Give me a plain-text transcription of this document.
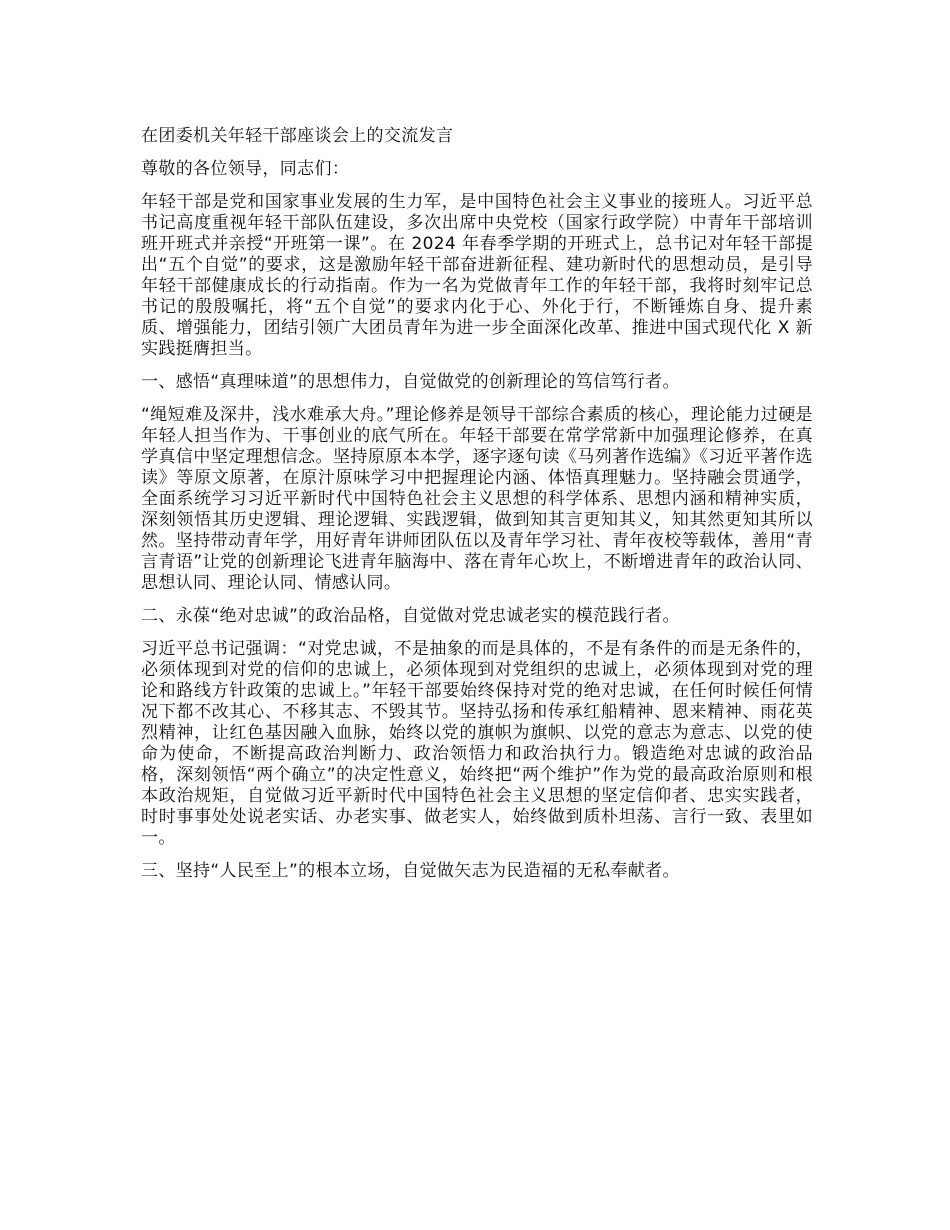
在团委机关年轻干部座谈会上的交流发言

尊敬的各位领导，同志们：

年轻干部是党和国家事业发展的生力军，是中国特色社会主义事业的接班人。习近平总书记高度重视年轻干部队伍建设，多次出席中央党校（国家行政学院）中青年干部培训班开班式并亲授“开班第一课”。在 2024 年春季学期的开班式上，总书记对年轻干部提出“五个自觉”的要求，这是激励年轻干部奋进新征程、建功新时代的思想动员，是引导年轻干部健康成长的行动指南。作为一名为党做青年工作的年轻干部，我将时刻牢记总书记的殷殷嘱托，将“五个自觉”的要求内化于心、外化于行，不断锤炼自身、提升素质、增强能力，团结引领广大团员青年为进一步全面深化改革、推进中国式现代化 X 新实践挺膺担当。

一、感悟“真理味道”的思想伟力，自觉做党的创新理论的笃信笃行者。

“绳短难及深井，浅水难承大舟。”理论修养是领导干部综合素质的核心，理论能力过硬是年轻人担当作为、干事创业的底气所在。年轻干部要在常学常新中加强理论修养，在真学真信中坚定理想信念。坚持原原本本学，逐字逐句读《马列著作选编》《习近平著作选读》等原文原著，在原汁原味学习中把握理论内涵、体悟真理魅力。坚持融会贯通学，全面系统学习习近平新时代中国特色社会主义思想的科学体系、思想内涵和精神实质，深刻领悟其历史逻辑、理论逻辑、实践逻辑，做到知其言更知其义，知其然更知其所以然。坚持带动青年学，用好青年讲师团队伍以及青年学习社、青年夜校等载体，善用“青言青语”让党的创新理论飞进青年脑海中、落在青年心坎上，不断增进青年的政治认同、思想认同、理论认同、情感认同。

二、永葆“绝对忠诚”的政治品格，自觉做对党忠诚老实的模范践行者。

习近平总书记强调：“对党忠诚，不是抽象的而是具体的，不是有条件的而是无条件的，必须体现到对党的信仰的忠诚上，必须体现到对党组织的忠诚上，必须体现到对党的理论和路线方针政策的忠诚上。”年轻干部要始终保持对党的绝对忠诚，在任何时候任何情况下都不改其心、不移其志、不毁其节。坚持弘扬和传承红船精神、恩来精神、雨花英烈精神，让红色基因融入血脉，始终以党的旗帜为旗帜、以党的意志为意志、以党的使命为使命，不断提高政治判断力、政治领悟力和政治执行力。锻造绝对忠诚的政治品格，深刻领悟“两个确立”的决定性意义，始终把“两个维护”作为党的最高政治原则和根本政治规矩，自觉做习近平新时代中国特色社会主义思想的坚定信仰者、忠实实践者，时时事事处处说老实话、办老实事、做老实人，始终做到质朴坦荡、言行一致、表里如一。

三、坚持“人民至上”的根本立场，自觉做矢志为民造福的无私奉献者。
